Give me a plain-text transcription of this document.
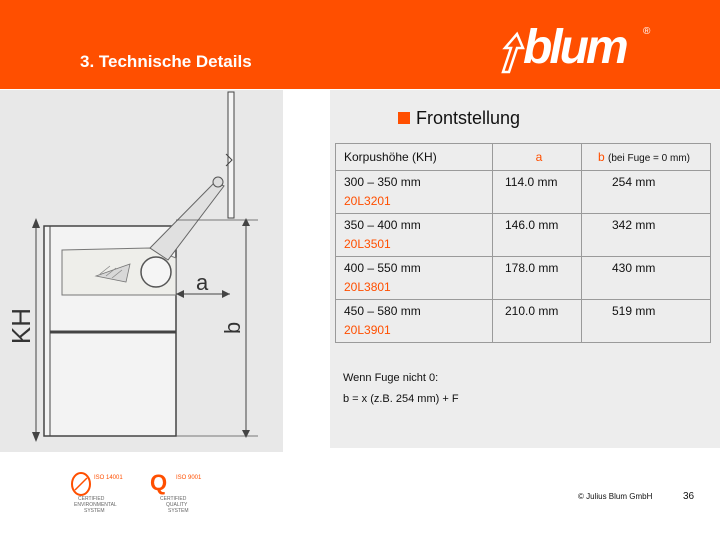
3. Technische Details	blum ®
KH
a
b
Frontstellung
Korpushöhe (KH)	a	b (bei Fuge = 0 mm)
300 – 350 mm
20L3201	114.0 mm	254 mm
350 – 400 mm
20L3501	146.0 mm	342 mm
400 – 550 mm
20L3801	178.0 mm	430 mm
450 – 580 mm
20L3901	210.0 mm	519 mm
Wenn Fuge nicht 0:
b = x (z.B. 254 mm) + F
ISO 14001
CERTIFIED
ENVIRONMENTAL
SYSTEM
Q ISO 9001
CERTIFIED
QUALITY
SYSTEM
© Julius Blum GmbH	36
